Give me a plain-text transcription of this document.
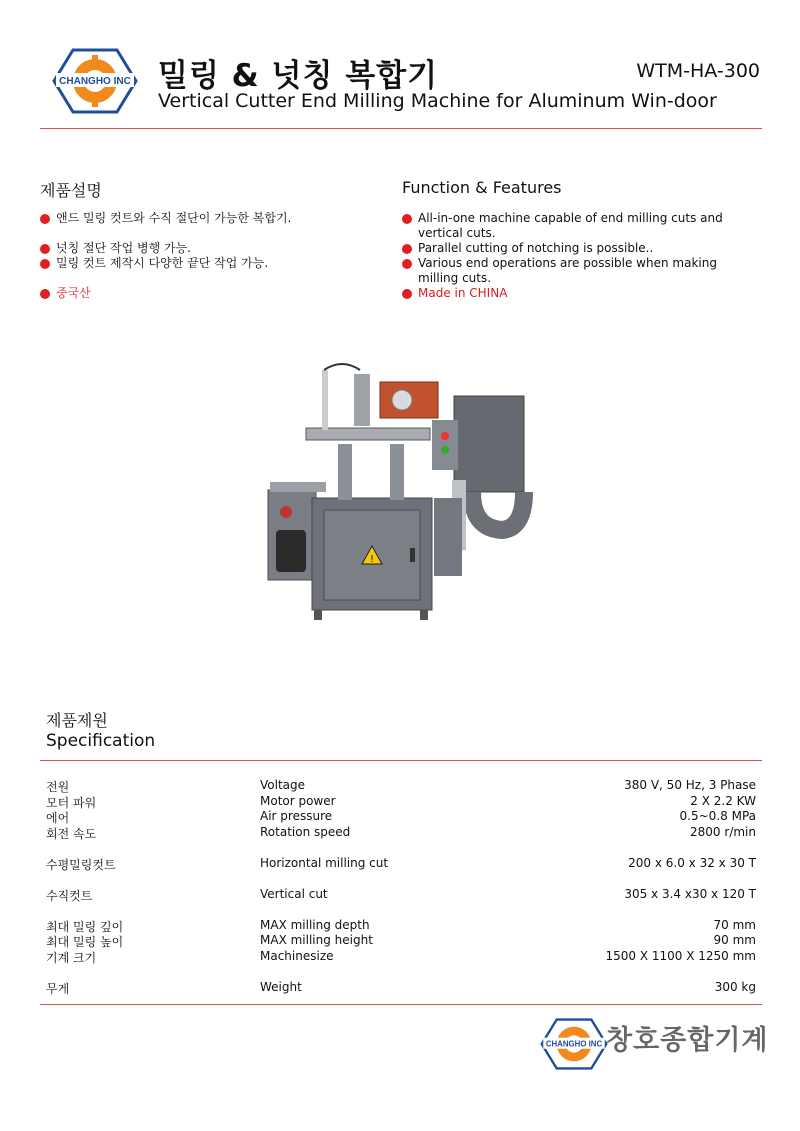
CHANGHO INC 밀링 & 넛칭 복합기
Vertical Cutter End Milling Machine for Aluminum Win-door
WTM-HA-300
제품설명
앤드 밀링 컷트와 수직 절단이 가능한 복합기.
넛칭 절단 작업 병행 가능.
밀링 컷트 제작시 다양한 끝단 작업 가능.
중국산
Function & Features
All-in-one machine capable of end milling cuts and vertical cuts.
Parallel cutting of notching is possible..
Various end operations are possible when making milling cuts.
Made in CHINA
!
제품제원
Specification
전원	Voltage	380 V, 50 Hz, 3 Phase
모터 파워	Motor power	2 X 2.2 KW
에어	Air pressure	0.5~0.8 MPa
회전 속도	Rotation speed	2800 r/min
수평밀링컷트	Horizontal milling cut	200 x 6.0 x 32 x 30 T
수직컷트	Vertical cut	305 x 3.4 x30 x 120 T
최대 밀링 깊이	MAX milling depth	70 mm
최대 밀링 높이	MAX milling height	90 mm
기계 크기	Machinesize	1500 X 1100 X 1250 mm
무게	Weight	300 kg
CHANGHO INC 창호종합기계
